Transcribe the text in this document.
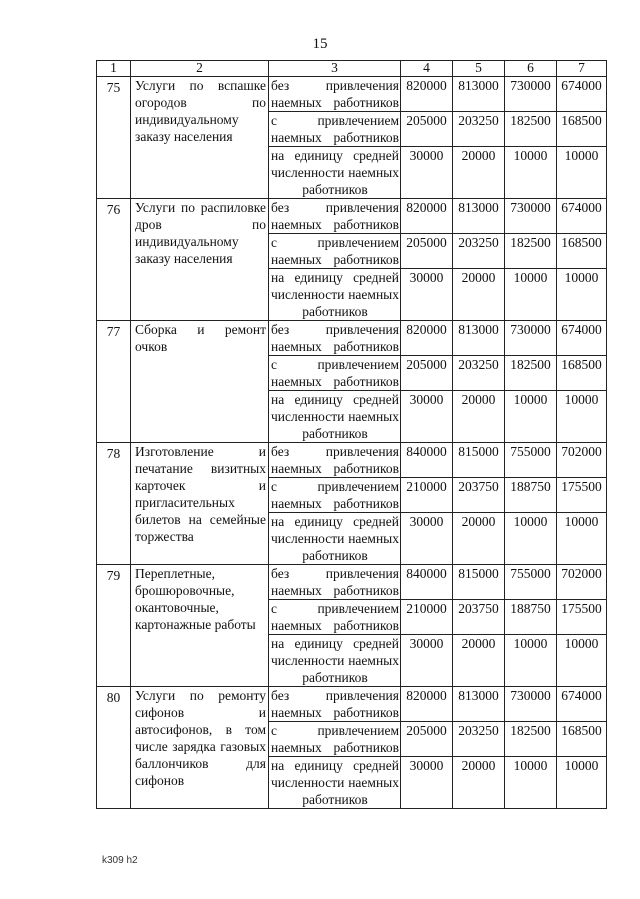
15
1	2	3	4	5	6	7
75	Услуги по вспашке огородов по индивидуальному заказу населения	без привлечения наемных работников	820000	813000	730000	674000
		с привлечением наемных работников	205000	203250	182500	168500
		на единицу средней численности наемных работников	30000	20000	10000	10000
76	Услуги по распиловке дров по индивидуальному заказу населения	без привлечения наемных работников	820000	813000	730000	674000
		с привлечением наемных работников	205000	203250	182500	168500
		на единицу средней численности наемных работников	30000	20000	10000	10000
77	Сборка и ремонт очков	без привлечения наемных работников	820000	813000	730000	674000
		с привлечением наемных работников	205000	203250	182500	168500
		на единицу средней численности наемных работников	30000	20000	10000	10000
78	Изготовление и печатание визитных карточек и пригласительных билетов на семейные торжества	без привлечения наемных работников	840000	815000	755000	702000
		с привлечением наемных работников	210000	203750	188750	175500
		на единицу средней численности наемных работников	30000	20000	10000	10000
79	Переплетные, брошюровочные, окантовочные, картонажные работы	без привлечения наемных работников	840000	815000	755000	702000
		с привлечением наемных работников	210000	203750	188750	175500
		на единицу средней численности наемных работников	30000	20000	10000	10000
80	Услуги по ремонту сифонов и автосифонов, в том числе зарядка газовых баллончиков для сифонов	без привлечения наемных работников	820000	813000	730000	674000
		с привлечением наемных работников	205000	203250	182500	168500
		на единицу средней численности наемных работников	30000	20000	10000	10000
k309 h2
